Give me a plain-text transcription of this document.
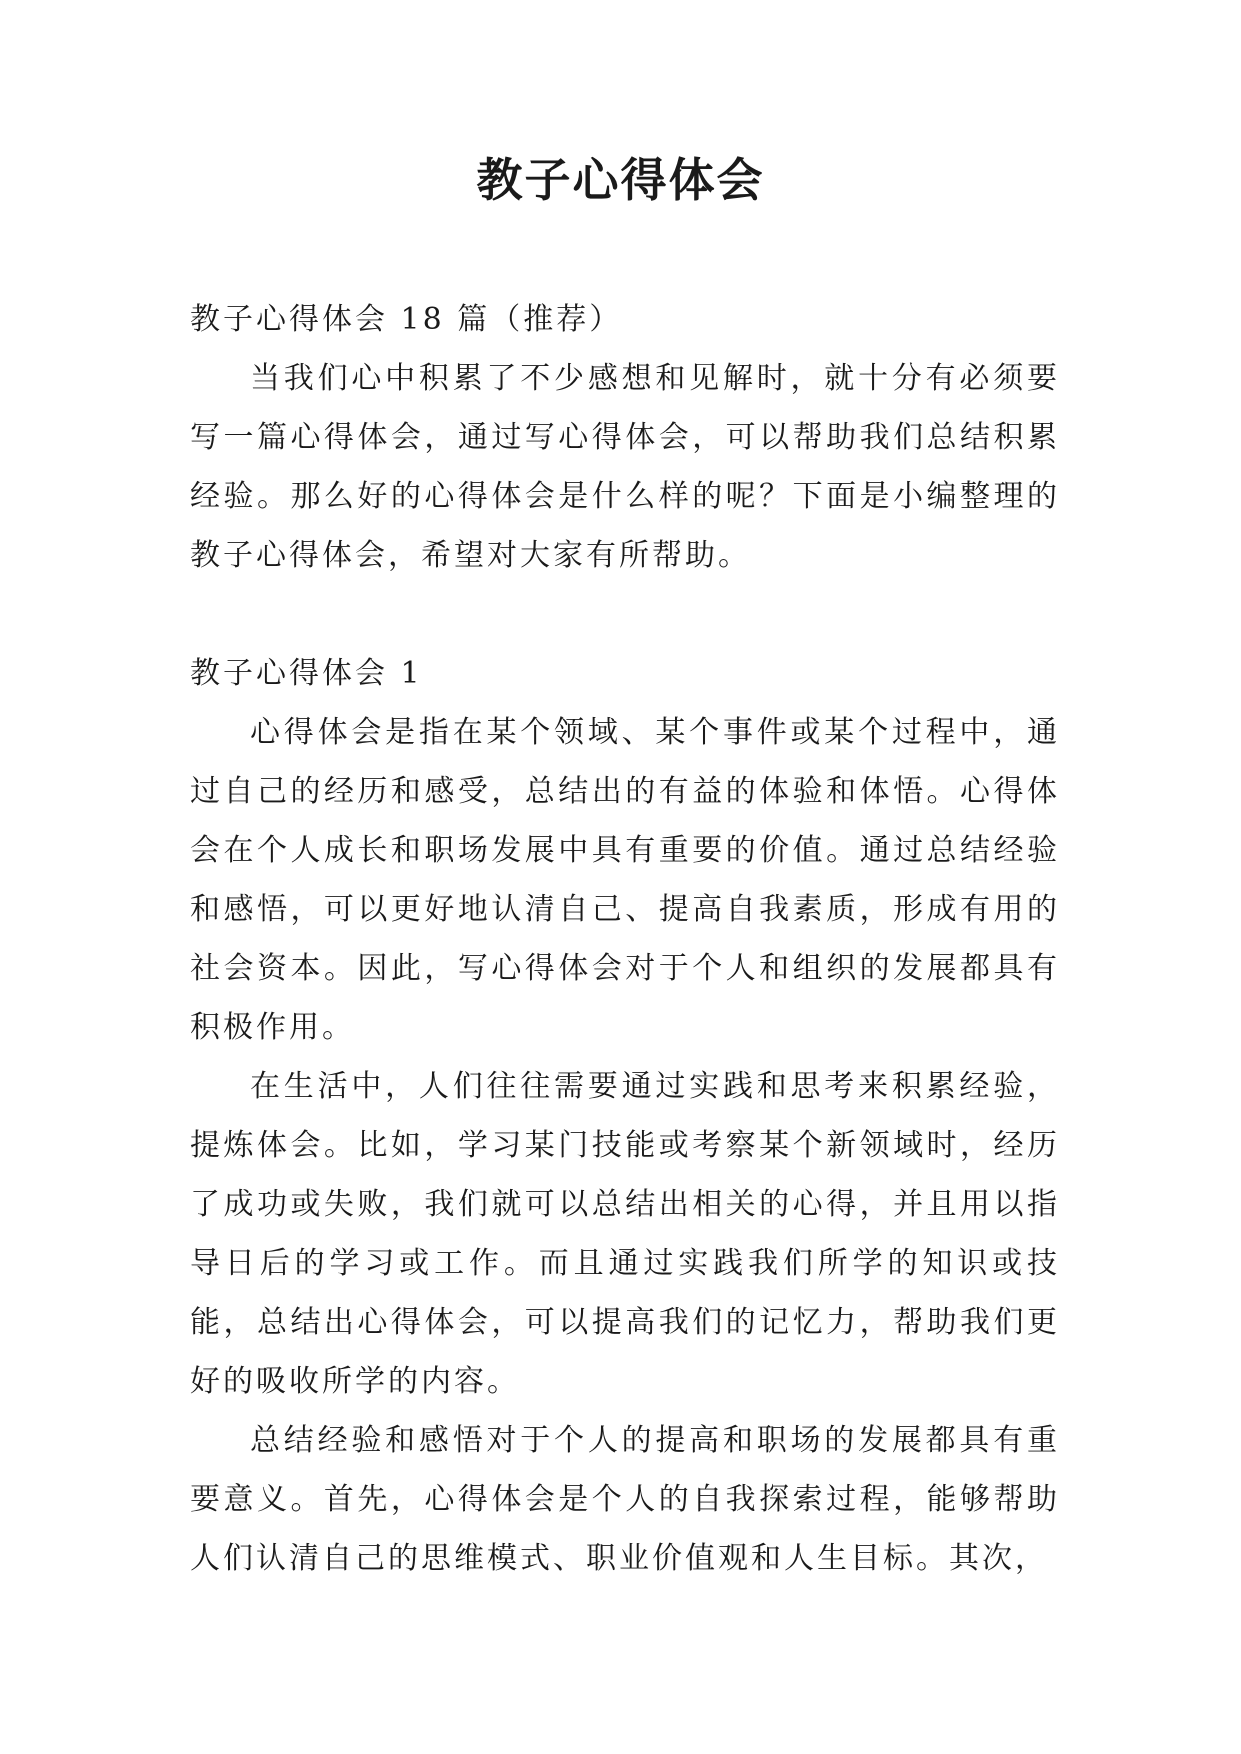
教子心得体会

教子心得体会 18 篇（推荐）

当我们心中积累了不少感想和见解时，就十分有必须要写一篇心得体会，通过写心得体会，可以帮助我们总结积累经验。那么好的心得体会是什么样的呢？下面是小编整理的教子心得体会，希望对大家有所帮助。

教子心得体会 1

心得体会是指在某个领域、某个事件或某个过程中，通过自己的经历和感受，总结出的有益的体验和体悟。心得体会在个人成长和职场发展中具有重要的价值。通过总结经验和感悟，可以更好地认清自己、提高自我素质，形成有用的社会资本。因此，写心得体会对于个人和组织的发展都具有积极作用。

在生活中，人们往往需要通过实践和思考来积累经验，提炼体会。比如，学习某门技能或考察某个新领域时，经历了成功或失败，我们就可以总结出相关的心得，并且用以指导日后的学习或工作。而且通过实践我们所学的知识或技能，总结出心得体会，可以提高我们的记忆力，帮助我们更好的吸收所学的内容。

总结经验和感悟对于个人的提高和职场的发展都具有重要意义。首先，心得体会是个人的自我探索过程，能够帮助人们认清自己的思维模式、职业价值观和人生目标。其次，
